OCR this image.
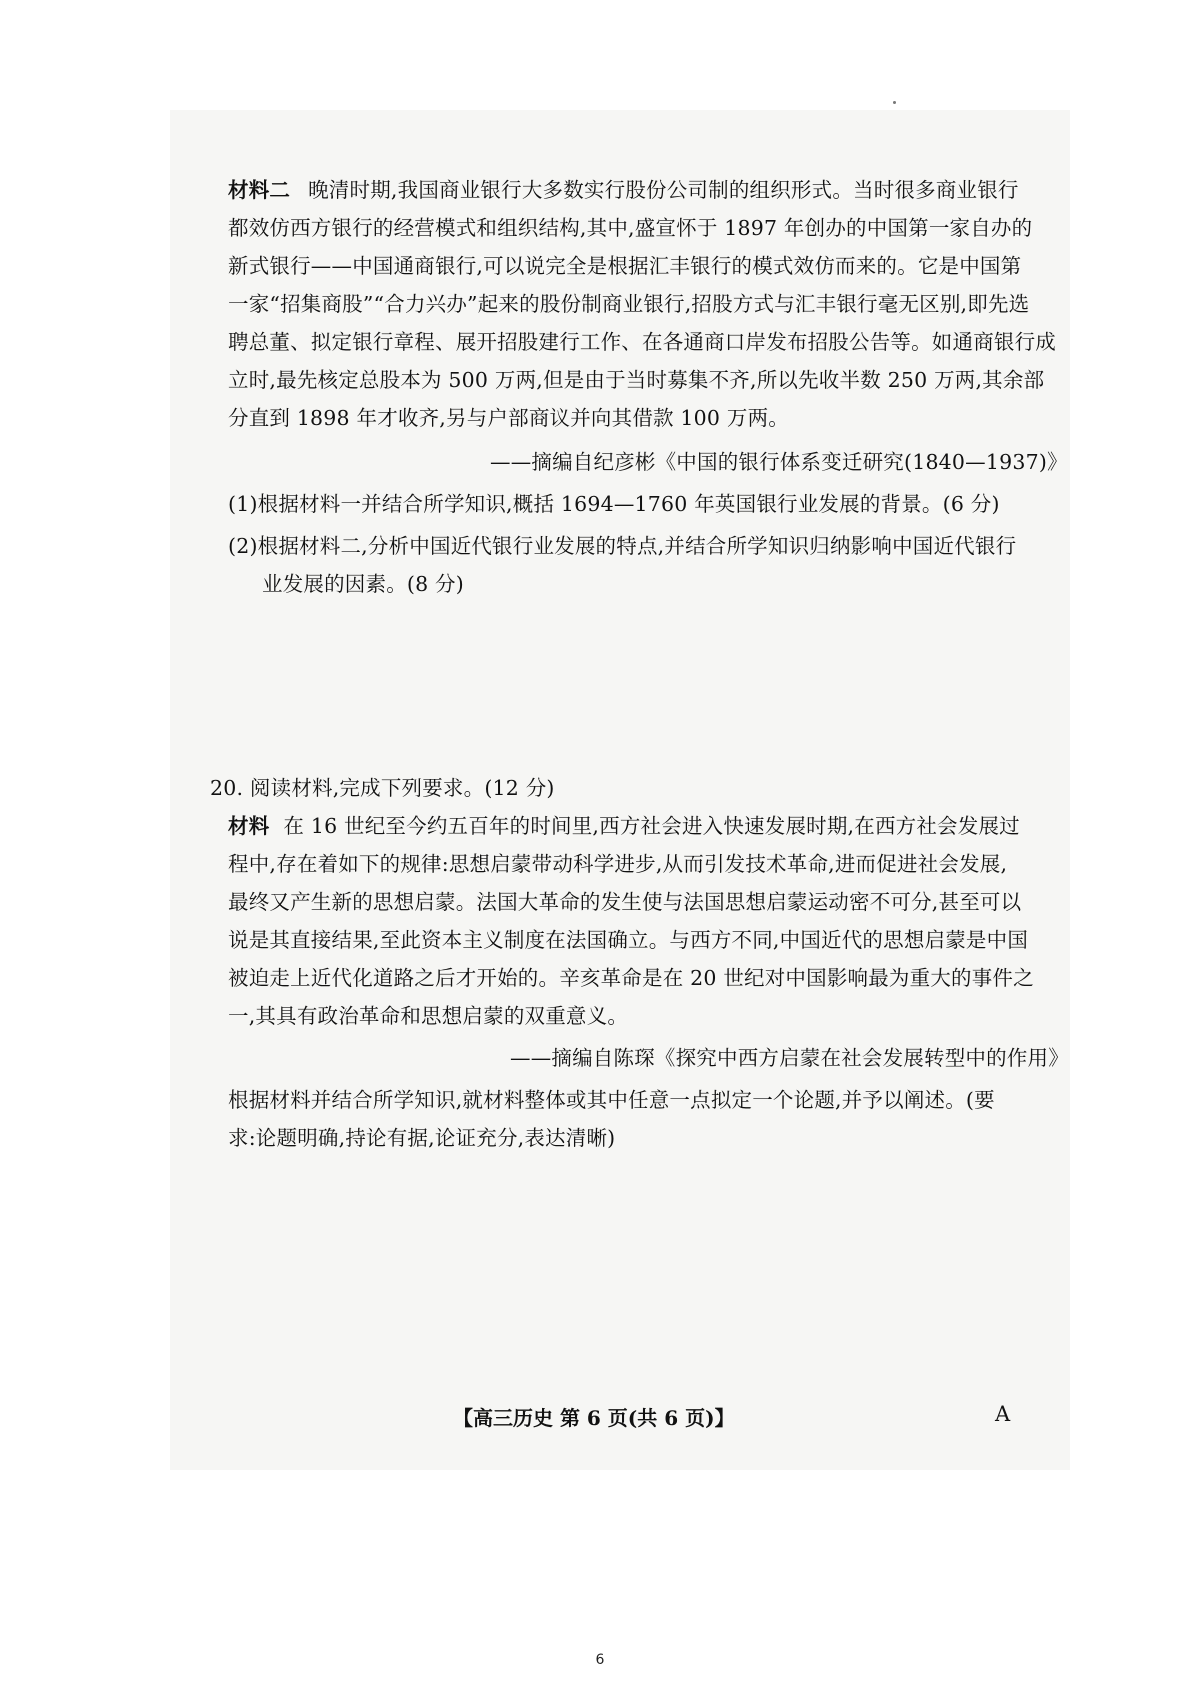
材料二 晚清时期,我国商业银行大多数实行股份公司制的组织形式。当时很多商业银行
都效仿西方银行的经营模式和组织结构,其中,盛宣怀于 1897 年创办的中国第一家自办的
新式银行——中国通商银行,可以说完全是根据汇丰银行的模式效仿而来的。它是中国第
一家“招集商股”“合力兴办”起来的股份制商业银行,招股方式与汇丰银行毫无区别,即先选
聘总董、拟定银行章程、展开招股建行工作、在各通商口岸发布招股公告等。如通商银行成
立时,最先核定总股本为 500 万两,但是由于当时募集不齐,所以先收半数 250 万两,其余部
分直到 1898 年才收齐,另与户部商议并向其借款 100 万两。
——摘编自纪彦彬《中国的银行体系变迁研究(1840—1937)》
(1)根据材料一并结合所学知识,概括 1694—1760 年英国银行业发展的背景。(6 分)
(2)根据材料二,分析中国近代银行业发展的特点,并结合所学知识归纳影响中国近代银行
业发展的因素。(8 分)
20. 阅读材料,完成下列要求。(12 分)
材料 在 16 世纪至今约五百年的时间里,西方社会进入快速发展时期,在西方社会发展过
程中,存在着如下的规律:思想启蒙带动科学进步,从而引发技术革命,进而促进社会发展,
最终又产生新的思想启蒙。法国大革命的发生使与法国思想启蒙运动密不可分,甚至可以
说是其直接结果,至此资本主义制度在法国确立。与西方不同,中国近代的思想启蒙是中国
被迫走上近代化道路之后才开始的。辛亥革命是在 20 世纪对中国影响最为重大的事件之
一,其具有政治革命和思想启蒙的双重意义。
——摘编自陈琛《探究中西方启蒙在社会发展转型中的作用》
根据材料并结合所学知识,就材料整体或其中任意一点拟定一个论题,并予以阐述。(要
求:论题明确,持论有据,论证充分,表达清晰)
【高三历史 第 6 页(共 6 页)】	A
6
